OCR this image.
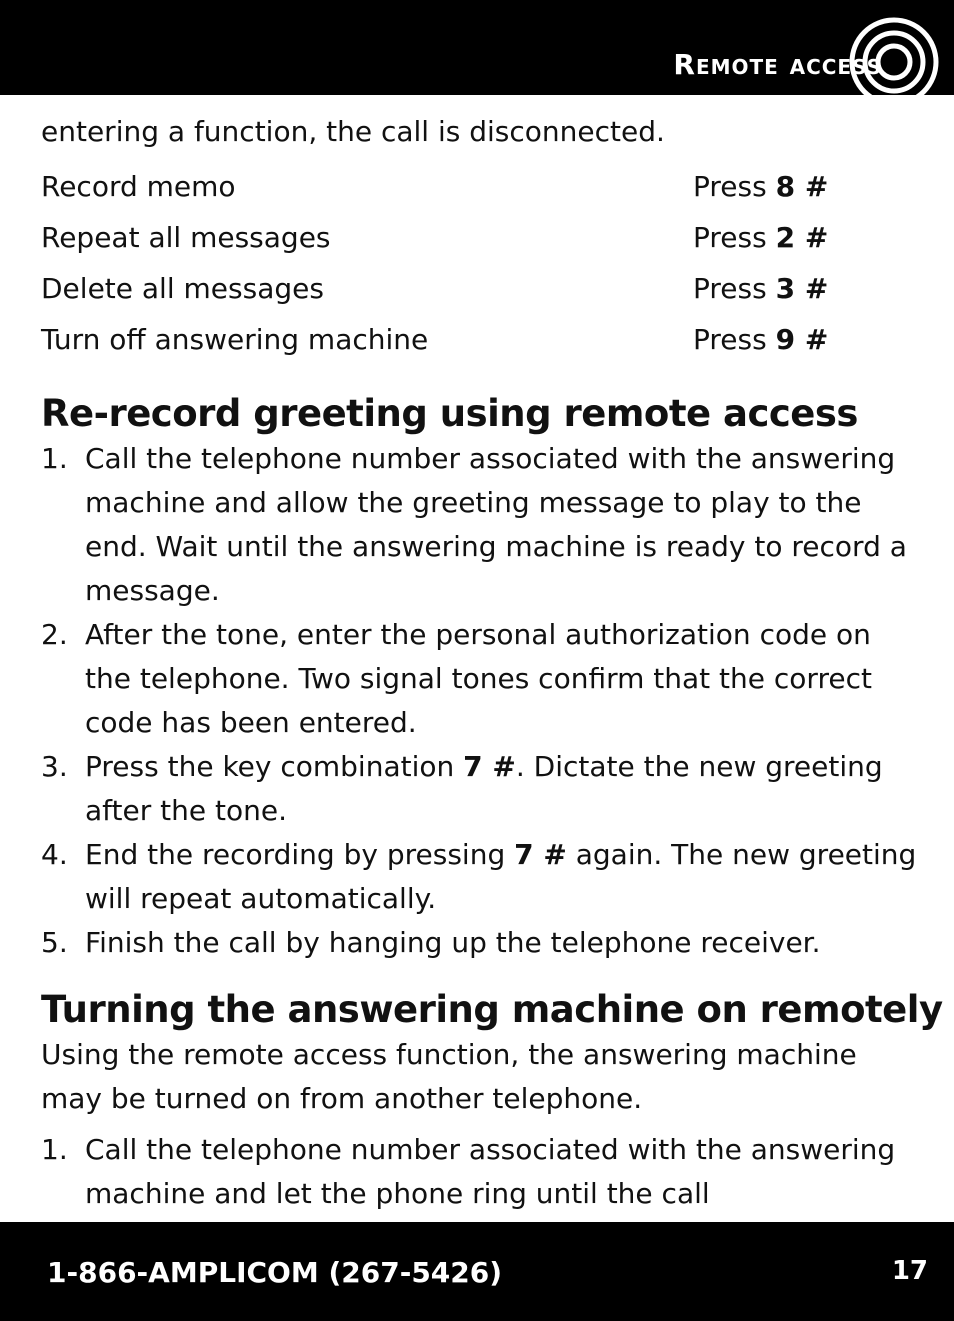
Remote access

entering a function, the call is disconnected.

Record memo	Press 8 #
Repeat all messages	Press 2 #
Delete all messages	Press 3 #
Turn off answering machine	Press 9 #
Re-record greeting using remote access
1. Call the telephone number associated with the answering machine and allow the greeting message to play to the end. Wait until the answering machine is ready to record a message.
2. After the tone, enter the personal authorization code on the telephone. Two signal tones confirm that the correct code has been entered.
3. Press the key combination 7 #. Dictate the new greeting after the tone.
4. End the recording by pressing 7 # again. The new greeting will repeat automatically.
5. Finish the call by hanging up the telephone receiver.
Turning the answering machine on remotely

Using the remote access function, the answering machine may be turned on from another telephone.

1. Call the telephone number associated with the answering machine and let the phone ring until the call
1-866-AMPLICOM (267-5426)	17
